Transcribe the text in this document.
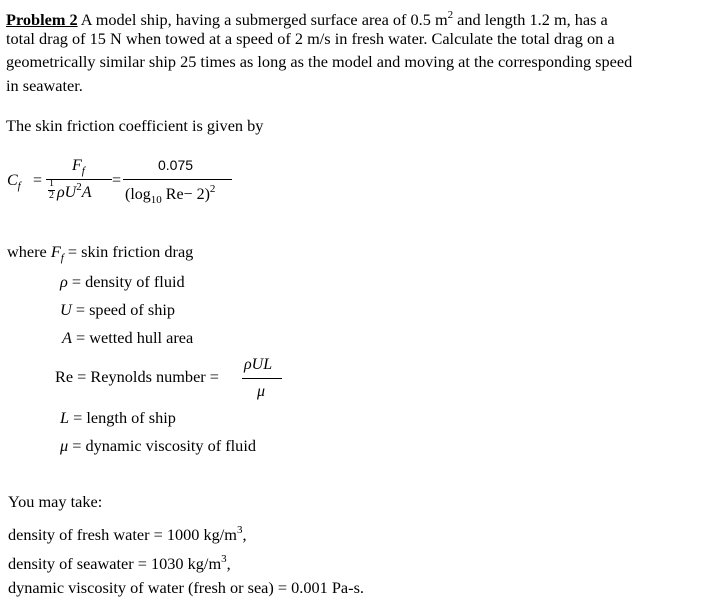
Problem 2 A model ship, having a submerged surface area of 0.5 $m^2$ and length 1.2 m, has a
total drag of 15 N when towed at a speed of 2 m/s in fresh water. Calculate the total drag on a
geometrically similar ship 25 times as long as the model and moving at the corresponding speed
in seawater.
The skin friction coefficient is given by
$C_f$ =
$F_f$
$\frac{1}{2} \rho U^2A$
=
0.075
($\log_{10}$ Re− 2)$^2$
where $F_f$ = skin friction drag
ρ = density of fluid
U = speed of ship
A = wetted hull area
Re = Reynolds number =
ρUL
μ
L = length of ship
μ = dynamic viscosity of fluid
You may take:
density of fresh water = 1000 $kg/m^3$,
density of seawater = 1030 $kg/m^3$,
dynamic viscosity of water (fresh or sea) = 0.001 Pa-s.
